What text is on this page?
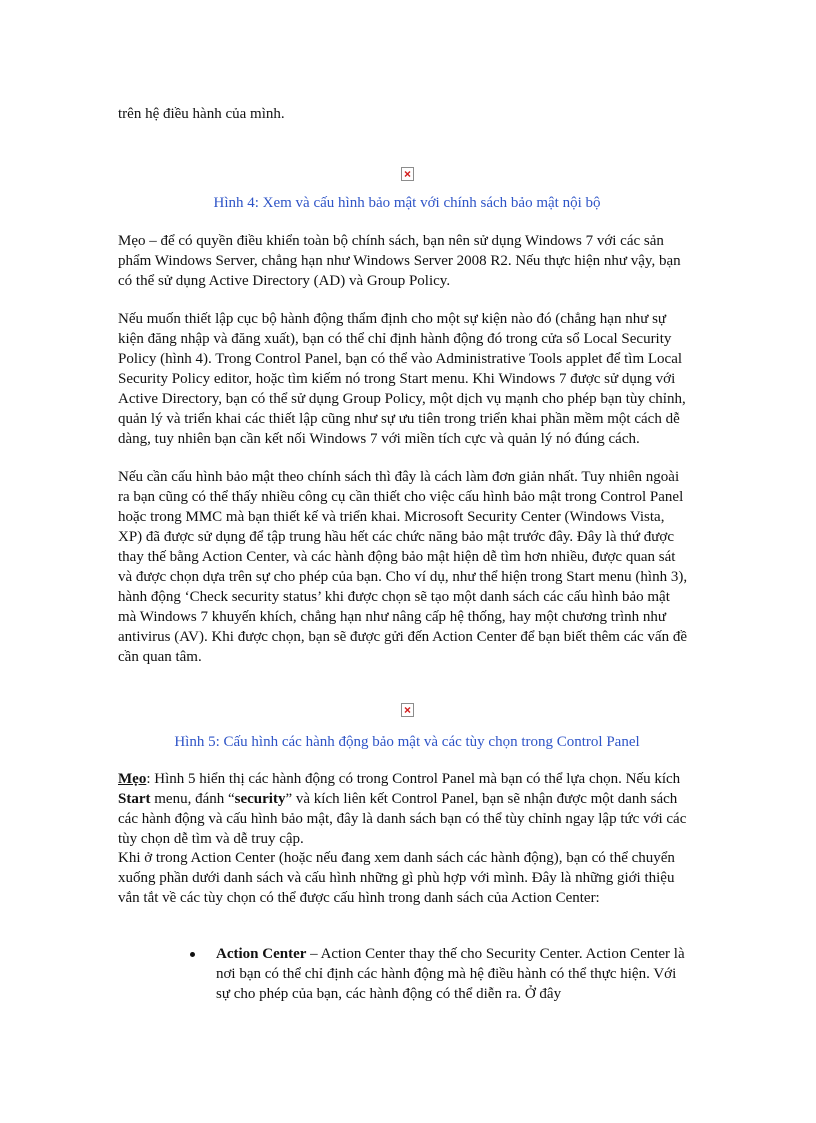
trên hệ điều hành của mình.

Hình 4: Xem và cấu hình bảo mật với chính sách bảo mật nội bộ

Mẹo – để có quyền điều khiển toàn bộ chính sách, bạn nên sử dụng Windows 7 với các sản phẩm Windows Server, chẳng hạn như Windows Server 2008 R2. Nếu thực hiện như vậy, bạn có thể sử dụng Active Directory (AD) và Group Policy.

Nếu muốn thiết lập cục bộ hành động thẩm định cho một sự kiện nào đó (chẳng hạn như sự kiện đăng nhập và đăng xuất), bạn có thể chỉ định hành động đó trong cửa sổ Local Security Policy (hình 4). Trong Control Panel, bạn có thể vào Administrative Tools applet để tìm Local Security Policy editor, hoặc tìm kiếm nó trong Start menu. Khi Windows 7 được sử dụng với Active Directory, bạn có thể sử dụng Group Policy, một dịch vụ mạnh cho phép bạn tùy chỉnh, quản lý và triển khai các thiết lập cũng như sự ưu tiên trong triển khai phần mềm một cách dễ dàng, tuy nhiên bạn cần kết nối Windows 7 với miền tích cực và quản lý nó đúng cách.

Nếu cần cấu hình bảo mật theo chính sách thì đây là cách làm đơn giản nhất. Tuy nhiên ngoài ra bạn cũng có thể thấy nhiều công cụ cần thiết cho việc cấu hình bảo mật trong Control Panel hoặc trong MMC mà bạn thiết kế và triển khai. Microsoft Security Center (Windows Vista, XP) đã được sử dụng để tập trung hầu hết các chức năng bảo mật trước đây. Đây là thứ được thay thế bằng Action Center, và các hành động bảo mật hiện dễ tìm hơn nhiều, được quan sát và được chọn dựa trên sự cho phép của bạn. Cho ví dụ, như thể hiện trong Start menu (hình 3), hành động ‘Check security status’ khi được chọn sẽ tạo một danh sách các cấu hình bảo mật mà Windows 7 khuyến khích, chẳng hạn như nâng cấp hệ thống, hay một chương trình như antivirus (AV). Khi được chọn, bạn sẽ được gửi đến Action Center để bạn biết thêm các vấn đề cần quan tâm.

Hình 5: Cấu hình các hành động bảo mật và các tùy chọn trong Control Panel

Mẹo: Hình 5 hiển thị các hành động có trong Control Panel mà bạn có thể lựa chọn. Nếu kích Start menu, đánh “security” và kích liên kết Control Panel, bạn sẽ nhận được một danh sách các hành động và cấu hình bảo mật, đây là danh sách bạn có thể tùy chỉnh ngay lập tức với các tùy chọn dễ tìm và dễ truy cập.

Khi ở trong Action Center (hoặc nếu đang xem danh sách các hành động), bạn có thể chuyển xuống phần dưới danh sách và cấu hình những gì phù hợp với mình. Đây là những giới thiệu vắn tắt về các tùy chọn có thể được cấu hình trong danh sách của Action Center:

Action Center – Action Center thay thế cho Security Center. Action Center là nơi bạn có thể chỉ định các hành động mà hệ điều hành có thể thực hiện. Với sự cho phép của bạn, các hành động có thể diễn ra. Ở đây
